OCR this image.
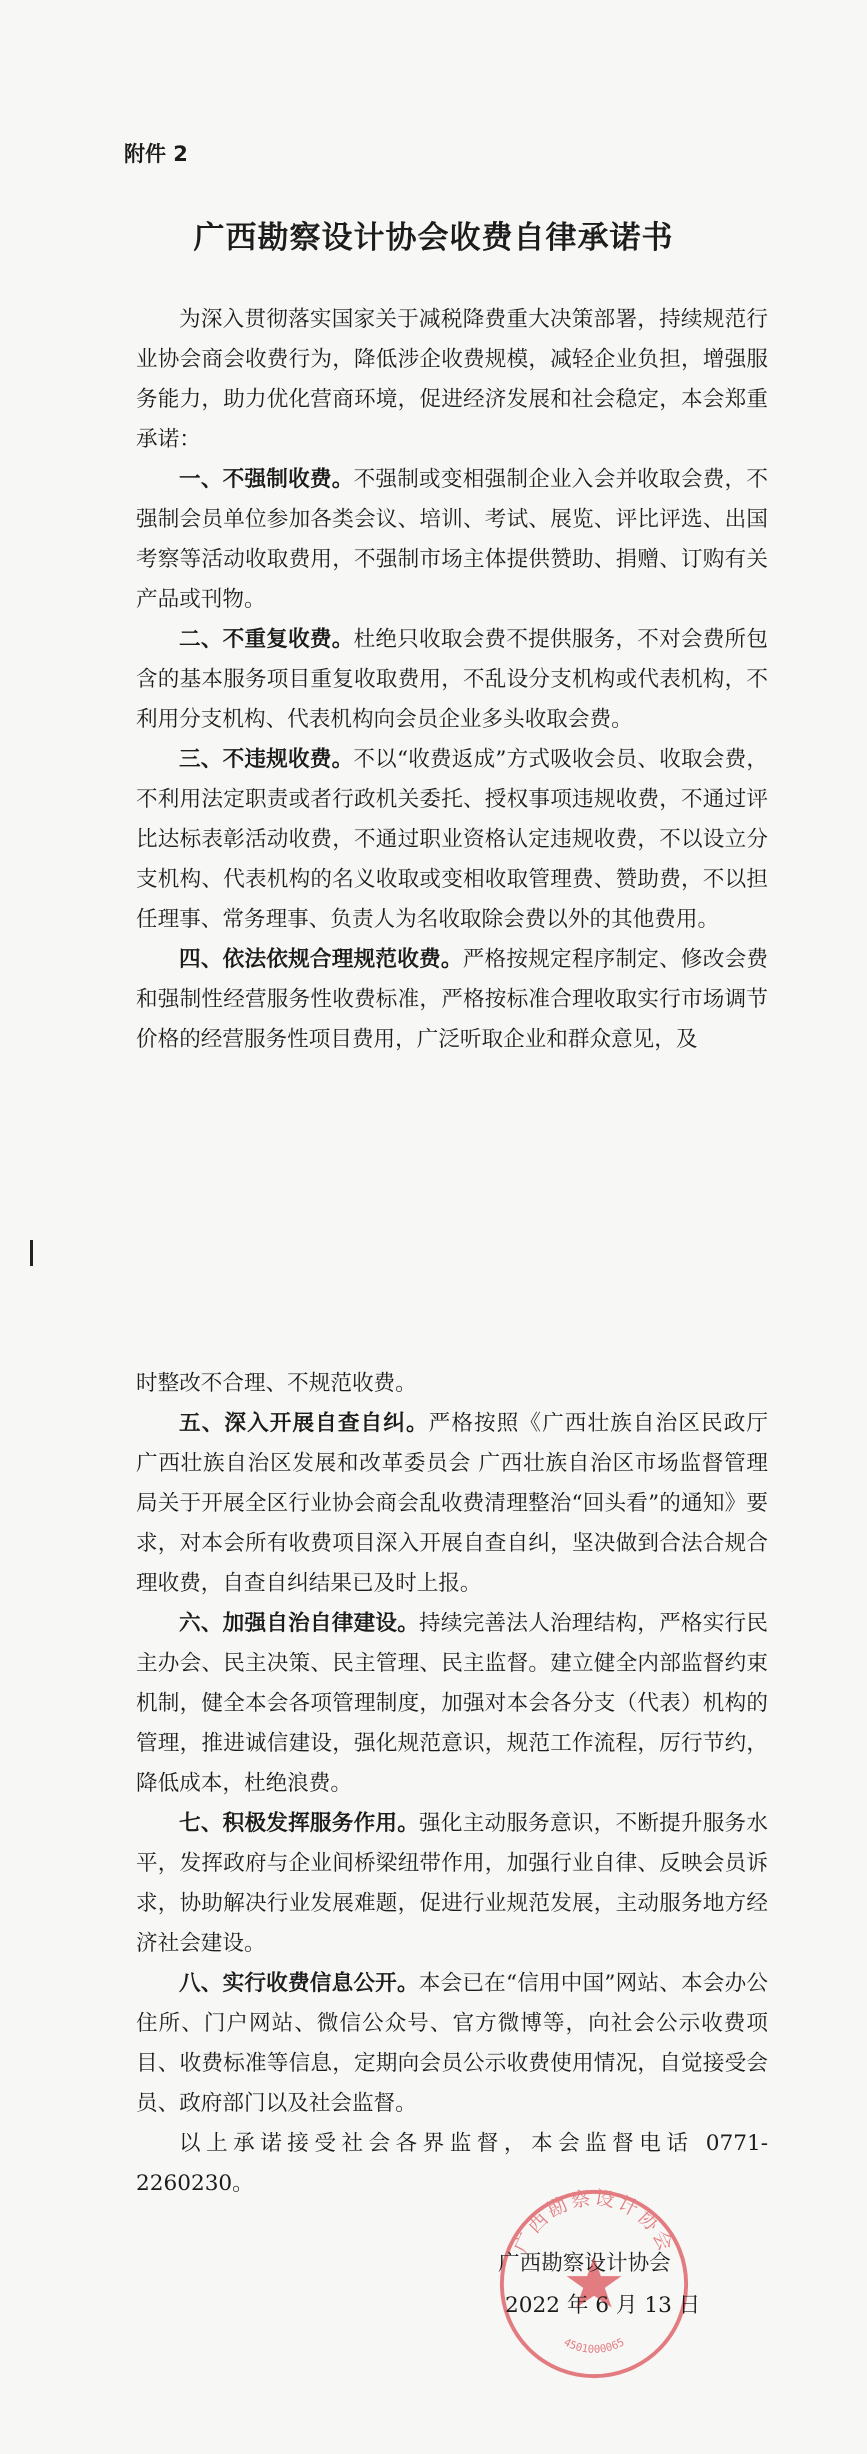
附件 2
广西勘察设计协会收费自律承诺书

为深入贯彻落实国家关于减税降费重大决策部署，持续规范行业协会商会收费行为，降低涉企收费规模，减轻企业负担，增强服务能力，助力优化营商环境，促进经济发展和社会稳定，本会郑重承诺：

一、不强制收费。不强制或变相强制企业入会并收取会费，不强制会员单位参加各类会议、培训、考试、展览、评比评选、出国考察等活动收取费用，不强制市场主体提供赞助、捐赠、订购有关产品或刊物。

二、不重复收费。杜绝只收取会费不提供服务，不对会费所包含的基本服务项目重复收取费用，不乱设分支机构或代表机构，不利用分支机构、代表机构向会员企业多头收取会费。

三、不违规收费。不以“收费返成”方式吸收会员、收取会费，不利用法定职责或者行政机关委托、授权事项违规收费，不通过评比达标表彰活动收费，不通过职业资格认定违规收费，不以设立分支机构、代表机构的名义收取或变相收取管理费、赞助费，不以担任理事、常务理事、负责人为名收取除会费以外的其他费用。

四、依法依规合理规范收费。严格按规定程序制定、修改会费和强制性经营服务性收费标准，严格按标准合理收取实行市场调节价格的经营服务性项目费用，广泛听取企业和群众意见，及

时整改不合理、不规范收费。

五、深入开展自查自纠。严格按照《广西壮族自治区民政厅 广西壮族自治区发展和改革委员会 广西壮族自治区市场监督管理局关于开展全区行业协会商会乱收费清理整治“回头看”的通知》要求，对本会所有收费项目深入开展自查自纠，坚决做到合法合规合理收费，自查自纠结果已及时上报。

六、加强自治自律建设。持续完善法人治理结构，严格实行民主办会、民主决策、民主管理、民主监督。建立健全内部监督约束机制，健全本会各项管理制度，加强对本会各分支（代表）机构的管理，推进诚信建设，强化规范意识，规范工作流程，厉行节约，降低成本，杜绝浪费。

七、积极发挥服务作用。强化主动服务意识，不断提升服务水平，发挥政府与企业间桥梁纽带作用，加强行业自律、反映会员诉求，协助解决行业发展难题，促进行业规范发展，主动服务地方经济社会建设。

八、实行收费信息公开。本会已在“信用中国”网站、本会办公住所、门户网站、微信公众号、官方微博等，向社会公示收费项目、收费标准等信息，定期向会员公示收费使用情况，自觉接受会员、政府部门以及社会监督。

以上承诺接受社会各界监督，本会监督电话 0771-2260230。

广西勘察设计协会
4501000065
广西勘察设计协会
2022 年 6 月 13 日
